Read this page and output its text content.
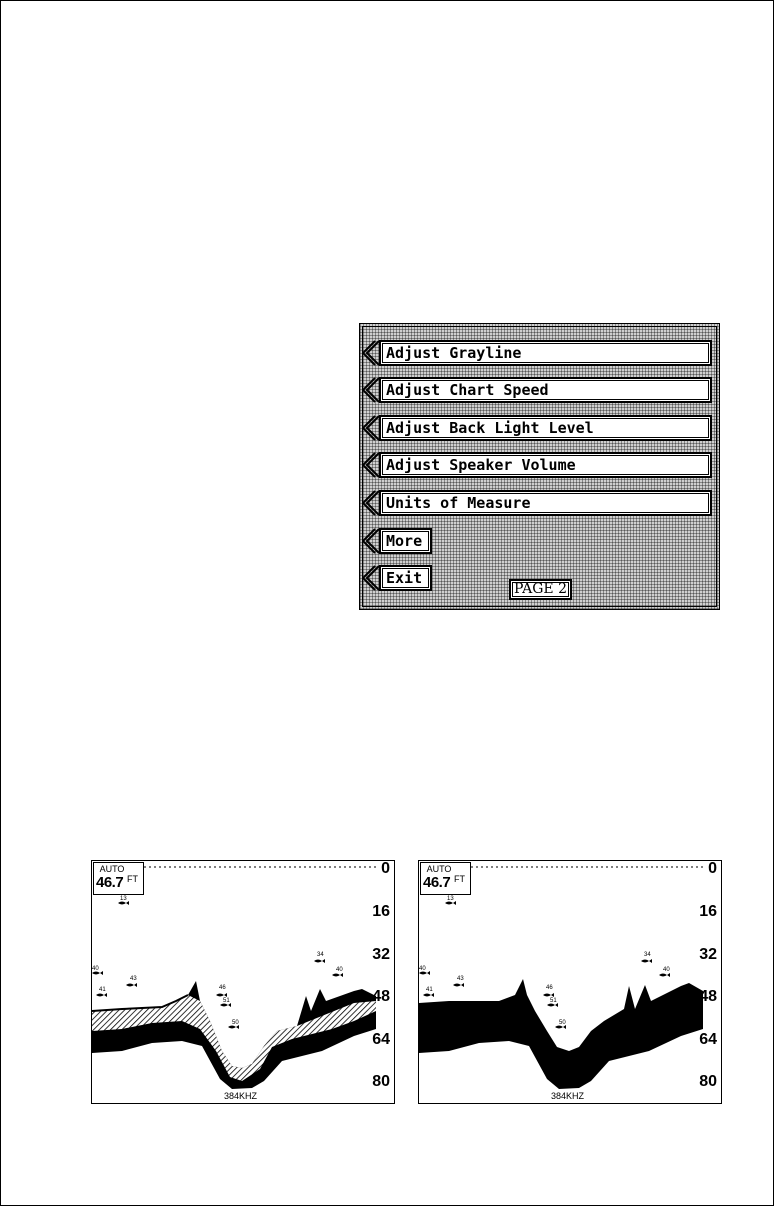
Adjust Grayline
Adjust Chart Speed
Adjust Back Light Level
Adjust Speaker Volume
Units of Measure
More
Exit
PAGE 2
13
40
41
43
46
51
50
34
40
AUTO
46.7 FT
0
16
32
48
64
80
384KHZ
13
40
41
43
46
51
50
34
40
AUTO
46.7 FT
0
16
32
48
64
80
384KHZ
